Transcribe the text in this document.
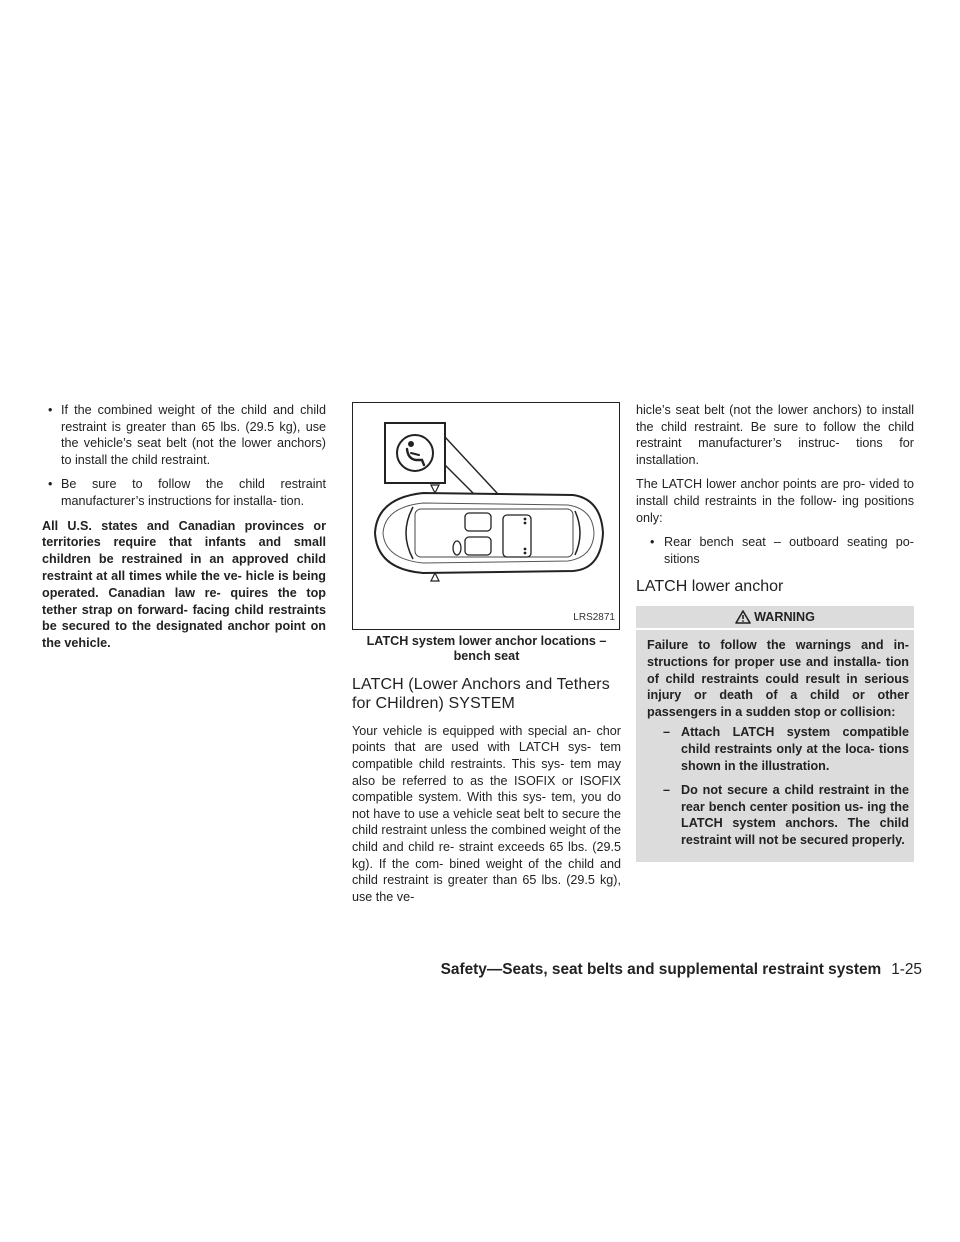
• If the combined weight of the child and child restraint is greater than 65 lbs. (29.5 kg), use the vehicle’s seat belt (not the lower anchors) to install the child restraint.
• Be sure to follow the child restraint manufacturer’s instructions for installa- tion.

All U.S. states and Canadian provinces or territories require that infants and small children be restrained in an approved child restraint at all times while the ve- hicle is being operated. Canadian law re- quires the top tether strap on forward- facing child restraints be secured to the designated anchor point on the vehicle.

LRS2871
LATCH system lower anchor locations – bench seat
LATCH (Lower Anchors and Tethers for CHildren) SYSTEM

Your vehicle is equipped with special an- chor points that are used with LATCH sys- tem compatible child restraints. This sys- tem may also be referred to as the ISOFIX or ISOFIX compatible system. With this sys- tem, you do not have to use a vehicle seat belt to secure the child restraint unless the combined weight of the child and child re- straint exceeds 65 lbs. (29.5 kg). If the com- bined weight of the child and child restraint is greater than 65 lbs. (29.5 kg), use the ve-

hicle’s seat belt (not the lower anchors) to install the child restraint. Be sure to follow the child restraint manufacturer’s instruc- tions for installation.

The LATCH lower anchor points are pro- vided to install child restraints in the follow- ing positions only:

• Rear bench seat – outboard seating po- sitions
LATCH lower anchor
WARNING

Failure to follow the warnings and in- structions for proper use and installa- tion of child restraints could result in serious injury or death of a child or other passengers in a sudden stop or collision:

– Attach LATCH system compatible child restraints only at the loca- tions shown in the illustration.
– Do not secure a child restraint in the rear bench center position us- ing the LATCH system anchors. The child restraint will not be secured properly.
Safety—Seats, seat belts and supplemental restraint system 1-25
